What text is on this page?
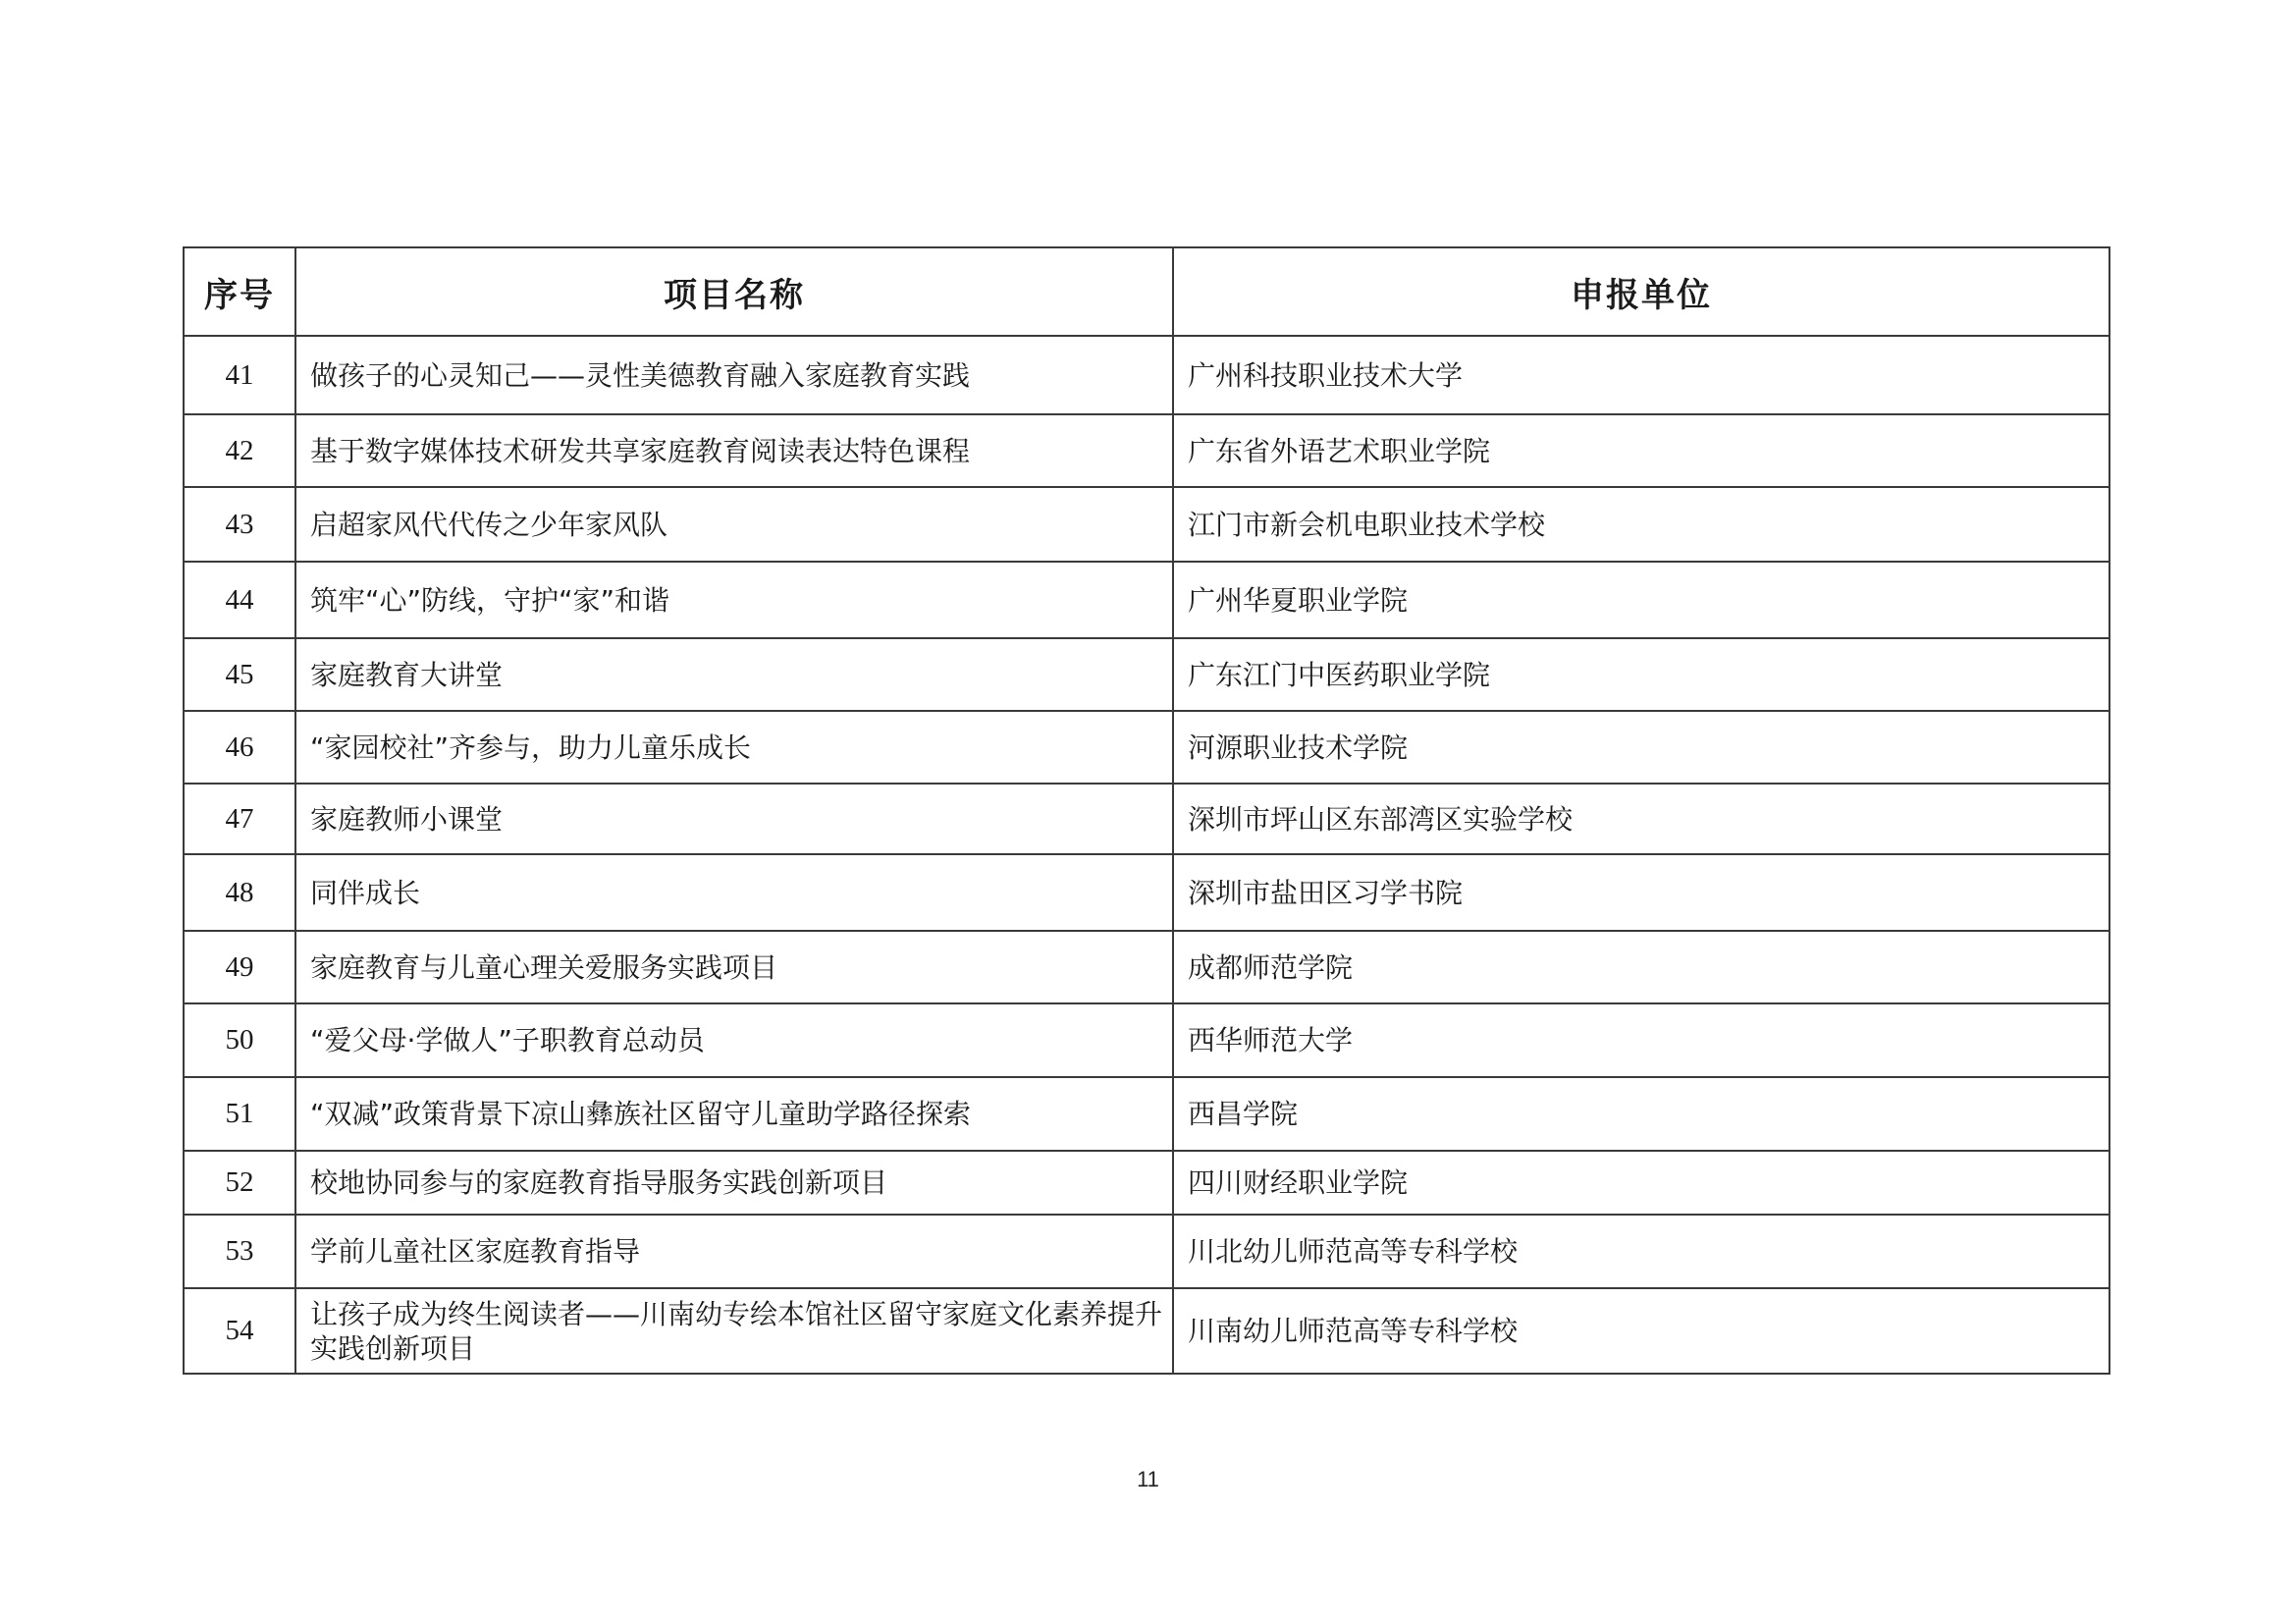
序号	项目名称	申报单位
41	做孩子的心灵知己——灵性美德教育融入家庭教育实践	广州科技职业技术大学
42	基于数字媒体技术研发共享家庭教育阅读表达特色课程	广东省外语艺术职业学院
43	启超家风代代传之少年家风队	江门市新会机电职业技术学校
44	筑牢“心”防线，守护“家”和谐	广州华夏职业学院
45	家庭教育大讲堂	广东江门中医药职业学院
46	“家园校社”齐参与，助力儿童乐成长	河源职业技术学院
47	家庭教师小课堂	深圳市坪山区东部湾区实验学校
48	同伴成长	深圳市盐田区习学书院
49	家庭教育与儿童心理关爱服务实践项目	成都师范学院
50	“爱父母·学做人”子职教育总动员	西华师范大学
51	“双减”政策背景下凉山彝族社区留守儿童助学路径探索	西昌学院
52	校地协同参与的家庭教育指导服务实践创新项目	四川财经职业学院
53	学前儿童社区家庭教育指导	川北幼儿师范高等专科学校
54	让孩子成为终生阅读者——川南幼专绘本馆社区留守家庭文化素养提升实践创新项目	川南幼儿师范高等专科学校
11
